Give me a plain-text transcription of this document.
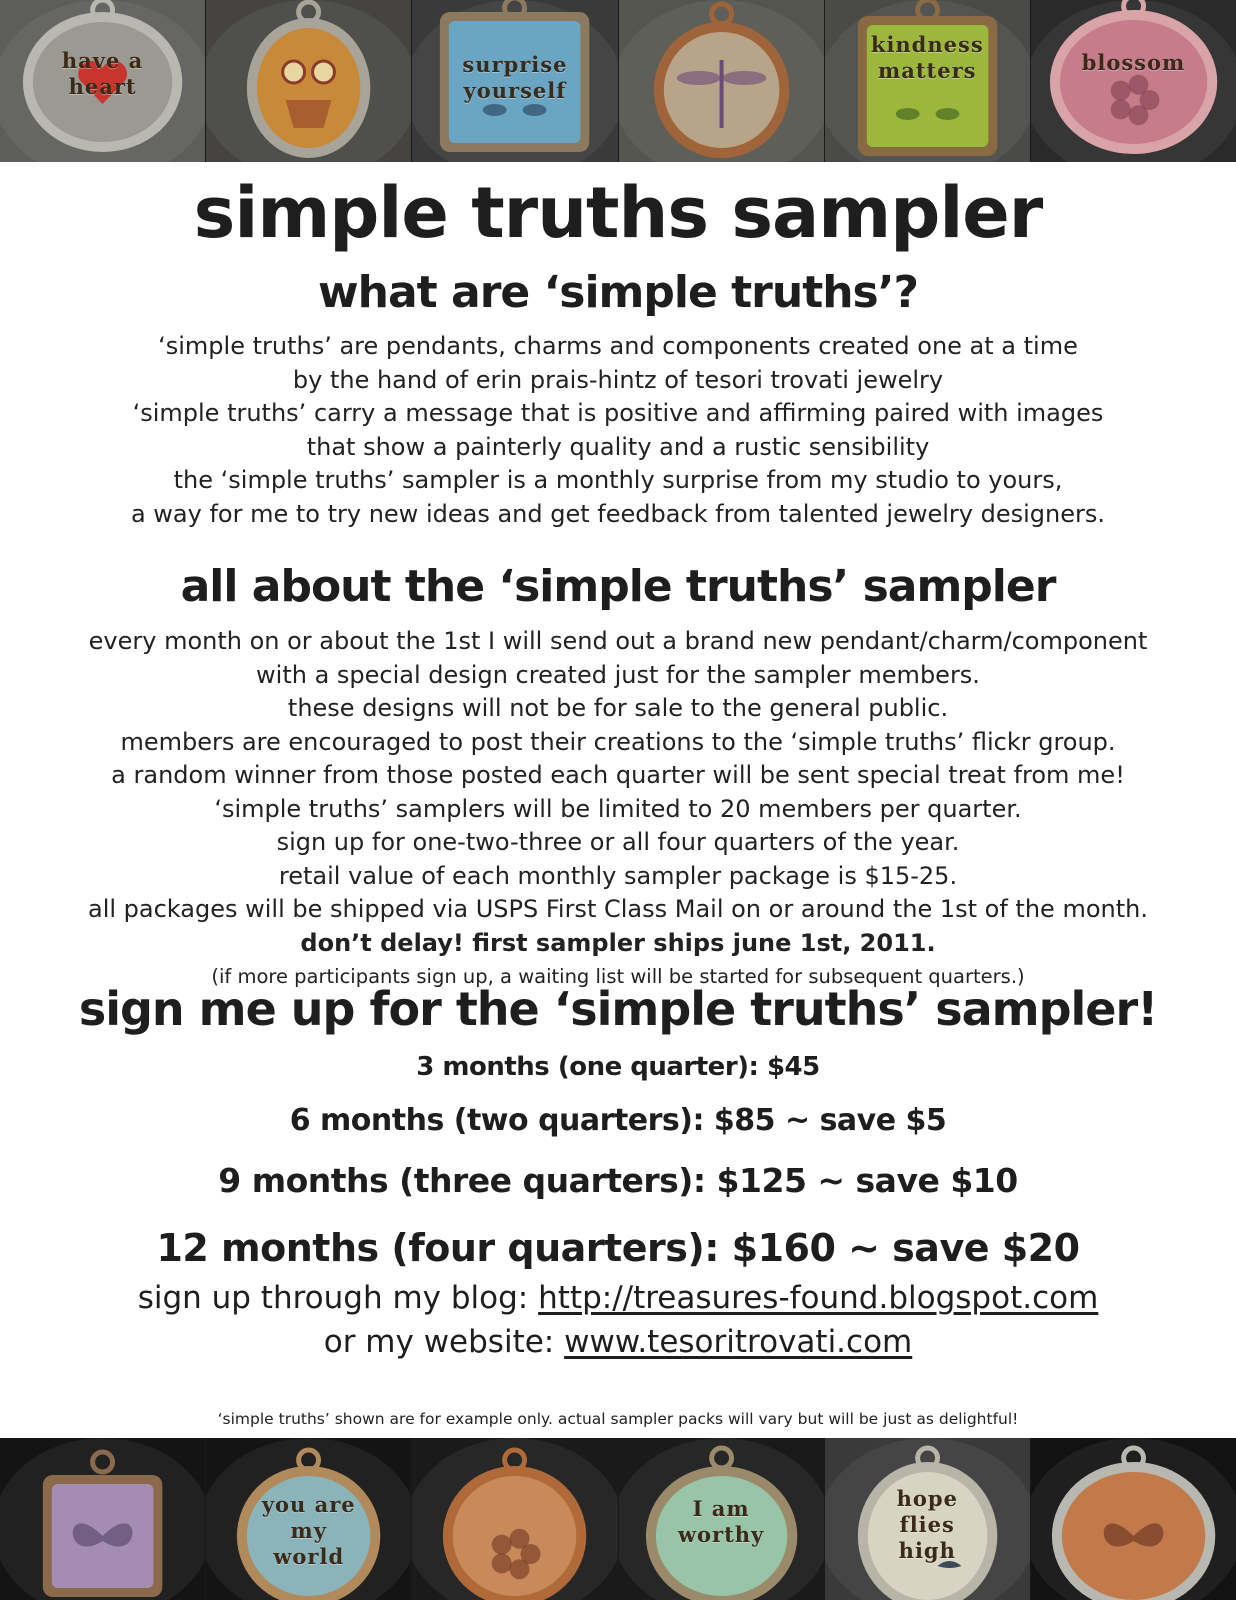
have a heart
surprise yourself
kindness matters	blossom
simple truths sampler
what are ‘simple truths’?
‘simple truths’ are pendants, charms and components created one at a time
by the hand of erin prais-hintz of tesori trovati jewelry
‘simple truths’ carry a message that is positive and affirming paired with images
that show a painterly quality and a rustic sensibility
the ‘simple truths’ sampler is a monthly surprise from my studio to yours,
a way for me to try new ideas and get feedback from talented jewelry designers.
all about the ‘simple truths’ sampler
every month on or about the 1st I will send out a brand new pendant/charm/component
with a special design created just for the sampler members.
these designs will not be for sale to the general public.
members are encouraged to post their creations to the ‘simple truths’ flickr group.
a random winner from those posted each quarter will be sent special treat from me!
‘simple truths’ samplers will be limited to 20 members per quarter.
sign up for one-two-three or all four quarters of the year.
retail value of each monthly sampler package is $15-25.
all packages will be shipped via USPS First Class Mail on or around the 1st of the month.
don’t delay! first sampler ships june 1st, 2011.
(if more participants sign up, a waiting list will be started for subsequent quarters.)
sign me up for the ‘simple truths’ sampler!
3 months (one quarter): $45
6 months (two quarters): $85 ~ save $5
9 months (three quarters): $125 ~ save $10
12 months (four quarters): $160 ~ save $20
sign up through my blog: http://treasures-found.blogspot.com
or my website: www.tesoritrovati.com
‘simple truths’ shown are for example only. actual sampler packs will vary but will be just as delightful!
you are my world
I am worthy
hope flies high
